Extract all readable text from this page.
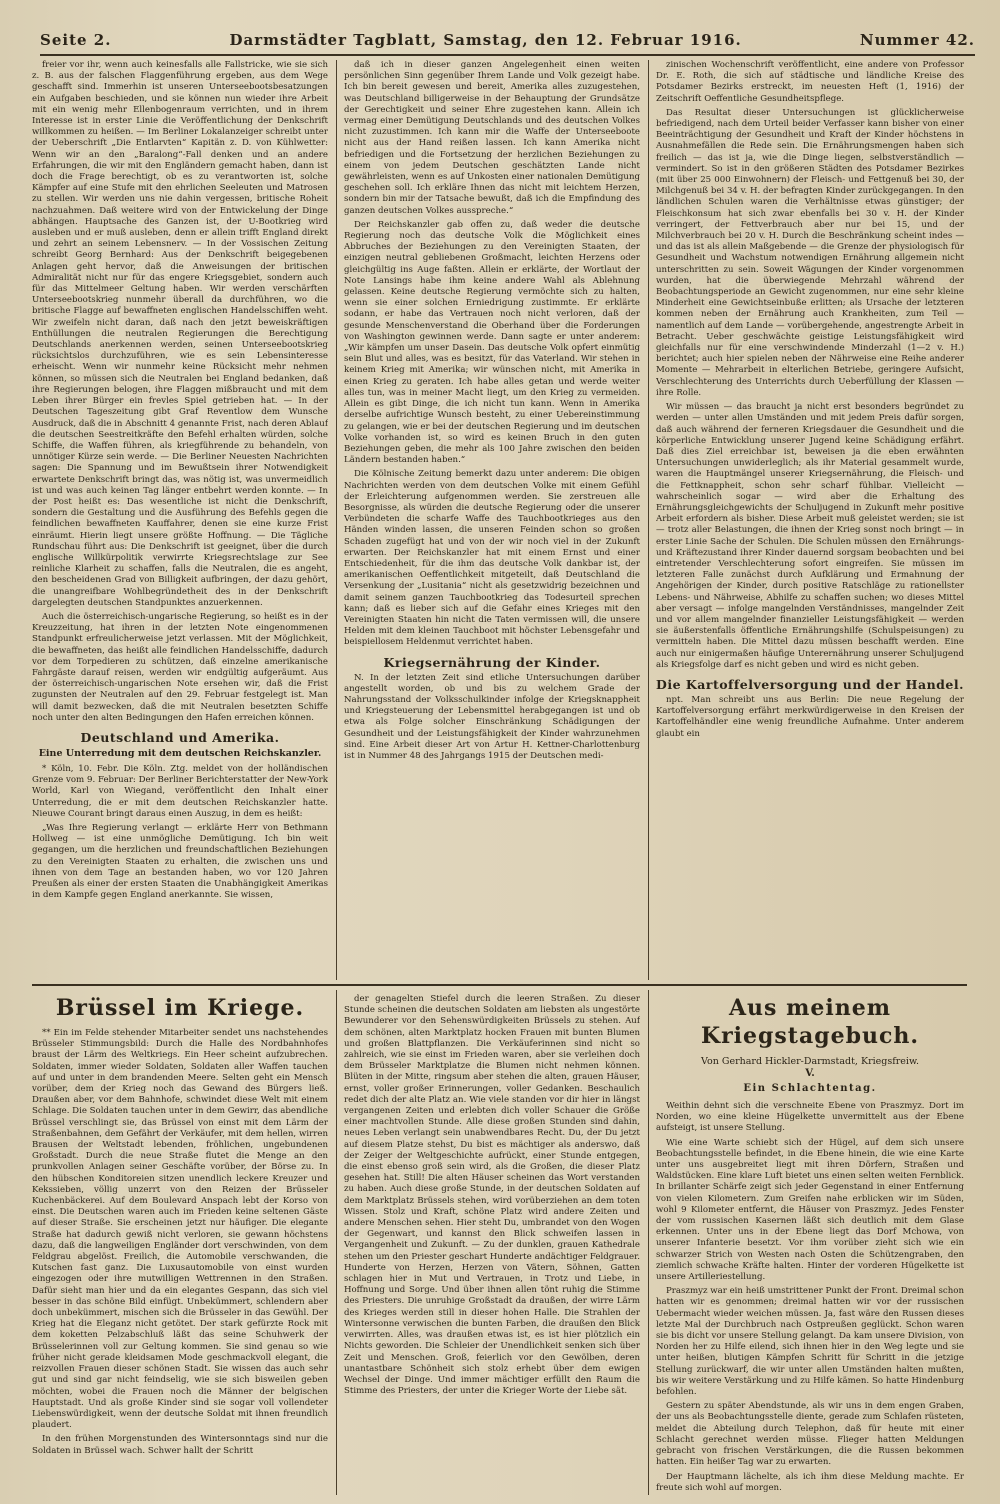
Seite 2.	Darmstädter Tagblatt, Samstag, den 12. Februar 1916.	Nummer 42.

freier vor ihr, wenn auch keinesfalls alle Fallstricke, wie sie sich z. B. aus der falschen Flaggenführung ergeben, aus dem Wege geschafft sind. Immerhin ist unseren Unterseebootsbesatzungen ein Aufgaben beschieden, und sie können nun wieder ihre Arbeit mit ein wenig mehr Ellenbogenraum verrichten, und in ihrem Interesse ist in erster Linie die Veröffentlichung der Denkschrift willkommen zu heißen. — Im Berliner Lokalanzeiger schreibt unter der Ueberschrift „Die Entlarvten“ Kapitän z. D. von Kühlwetter: Wenn wir an den „Baralong“-Fall denken und an andere Erfahrungen, die wir mit den Engländern gemacht haben, dann ist doch die Frage berechtigt, ob es zu verantworten ist, solche Kämpfer auf eine Stufe mit den ehrlichen Seeleuten und Matrosen zu stellen. Wir werden uns nie dahin vergessen, britische Roheit nachzuahmen. Daß weitere wird von der Entwickelung der Dinge abhängen. Hauptsache des Ganzen ist, der U-Bootkrieg wird ausleben und er muß ausleben, denn er allein trifft England direkt und zehrt an seinem Lebensnerv. — In der Vossischen Zeitung schreibt Georg Bernhard: Aus der Denkschrift beigegebenen Anlagen geht hervor, daß die Anweisungen der britischen Admiralität nicht nur für das engere Kriegsgebiet, sondern auch für das Mittelmeer Geltung haben. Wir werden verschärften Unterseebootskrieg nunmehr überall da durchführen, wo die britische Flagge auf bewaffneten englischen Handelsschiffen weht. Wir zweifeln nicht daran, daß nach den jetzt beweiskräftigen Enthüllungen die neutralen Regierungen die Berechtigung Deutschlands anerkennen werden, seinen Unterseebootskrieg rücksichtslos durchzuführen, wie es sein Lebensinteresse erheischt. Wenn wir nunmehr keine Rücksicht mehr nehmen können, so müssen sich die Neutralen bei England bedanken, daß ihre Regierungen belogen, ihre Flaggen mißbraucht und mit dem Leben ihrer Bürger ein frevles Spiel getrieben hat. — In der Deutschen Tageszeitung gibt Graf Reventlow dem Wunsche Ausdruck, daß die in Abschnitt 4 genannte Frist, nach deren Ablauf die deutschen Seestreitkräfte den Befehl erhalten würden, solche Schiffe, die Waffen führen, als kriegführende zu behandeln, von unnötiger Kürze sein werde. — Die Berliner Neuesten Nachrichten sagen: Die Spannung und im Bewußtsein ihrer Notwendigkeit erwartete Denkschrift bringt das, was nötig ist, was unvermeidlich ist und was auch keinen Tag länger entbehrt werden konnte. — In der Post heißt es: Das wesentliche ist nicht die Denkschrift, sondern die Gestaltung und die Ausführung des Befehls gegen die feindlichen bewaffneten Kauffahrer, denen sie eine kurze Frist einräumt. Hierin liegt unsere größte Hoffnung. — Die Tägliche Rundschau führt aus: Die Denkschrift ist geeignet, über die durch englische Willkürpolitik verwirrte Kriegsrechtslage zur See reinliche Klarheit zu schaffen, falls die Neutralen, die es angeht, den bescheidenen Grad von Billigkeit aufbringen, der dazu gehört, die unangreifbare Wohlbegründetheit des in der Denkschrift dargelegten deutschen Standpunktes anzuerkennen.

Auch die österreichisch-ungarische Regierung, so heißt es in der Kreuzzeitung, hat ihren in der letzten Note eingenommenen Standpunkt erfreulicherweise jetzt verlassen. Mit der Möglichkeit, die bewaffneten, das heißt alle feindlichen Handelsschiffe, dadurch vor dem Torpedieren zu schützen, daß einzelne amerikanische Fahrgäste darauf reisen, werden wir endgültig aufgeräumt. Aus der österreichisch-ungarischen Note ersehen wir, daß die Frist zugunsten der Neutralen auf den 29. Februar festgelegt ist. Man will damit bezwecken, daß die mit Neutralen besetzten Schiffe noch unter den alten Bedingungen den Hafen erreichen können.

Deutschland und Amerika.
Eine Unterredung mit dem deutschen Reichskanzler.

* Köln, 10. Febr. Die Köln. Ztg. meldet von der holländischen Grenze vom 9. Februar: Der Berliner Berichterstatter der New-York World, Karl von Wiegand, veröffentlicht den Inhalt einer Unterredung, die er mit dem deutschen Reichskanzler hatte. Nieuwe Courant bringt daraus einen Auszug, in dem es heißt:

„Was Ihre Regierung verlangt — erklärte Herr von Bethmann Hollweg — ist eine unmögliche Demütigung. Ich bin weit gegangen, um die herzlichen und freundschaftlichen Beziehungen zu den Vereinigten Staaten zu erhalten, die zwischen uns und ihnen von dem Tage an bestanden haben, wo vor 120 Jahren Preußen als einer der ersten Staaten die Unabhängigkeit Amerikas in dem Kampfe gegen England anerkannte. Sie wissen,

daß ich in dieser ganzen Angelegenheit einen weiten persönlichen Sinn gegenüber Ihrem Lande und Volk gezeigt habe. Ich bin bereit gewesen und bereit, Amerika alles zuzugestehen, was Deutschland billigerweise in der Behauptung der Grundsätze der Gerechtigkeit und seiner Ehre zugestehen kann. Allein ich vermag einer Demütigung Deutschlands und des deutschen Volkes nicht zuzustimmen. Ich kann mir die Waffe der Unterseeboote nicht aus der Hand reißen lassen. Ich kann Amerika nicht befriedigen und die Fortsetzung der herzlichen Beziehungen zu einem von jedem Deutschen geschätzten Lande nicht gewährleisten, wenn es auf Unkosten einer nationalen Demütigung geschehen soll. Ich erkläre Ihnen das nicht mit leichtem Herzen, sondern bin mir der Tatsache bewußt, daß ich die Empfindung des ganzen deutschen Volkes ausspreche.“

Der Reichskanzler gab offen zu, daß weder die deutsche Regierung noch das deutsche Volk die Möglichkeit eines Abbruches der Beziehungen zu den Vereinigten Staaten, der einzigen neutral gebliebenen Großmacht, leichten Herzens oder gleichgültig ins Auge faßten. Allein er erklärte, der Wortlaut der Note Lansings habe ihm keine andere Wahl als Ablehnung gelassen. Keine deutsche Regierung vermöchte sich zu halten, wenn sie einer solchen Erniedrigung zustimmte. Er erklärte sodann, er habe das Vertrauen noch nicht verloren, daß der gesunde Menschenverstand die Oberhand über die Forderungen von Washington gewinnen werde. Dann sagte er unter anderem: „Wir kämpfen um unser Dasein. Das deutsche Volk opfert einmütig sein Blut und alles, was es besitzt, für das Vaterland. Wir stehen in keinem Krieg mit Amerika; wir wünschen nicht, mit Amerika in einen Krieg zu geraten. Ich habe alles getan und werde weiter alles tun, was in meiner Macht liegt, um den Krieg zu vermeiden. Allein es gibt Dinge, die ich nicht tun kann. Wenn in Amerika derselbe aufrichtige Wunsch besteht, zu einer Uebereinstimmung zu gelangen, wie er bei der deutschen Regierung und im deutschen Volke vorhanden ist, so wird es keinen Bruch in den guten Beziehungen geben, die mehr als 100 Jahre zwischen den beiden Ländern bestanden haben.“

Die Kölnische Zeitung bemerkt dazu unter anderem: Die obigen Nachrichten werden von dem deutschen Volke mit einem Gefühl der Erleichterung aufgenommen werden. Sie zerstreuen alle Besorgnisse, als würden die deutsche Regierung oder die unserer Verbündeten die scharfe Waffe des Tauchbootkrieges aus den Händen winden lassen, die unseren Feinden schon so großen Schaden zugefügt hat und von der wir noch viel in der Zukunft erwarten. Der Reichskanzler hat mit einem Ernst und einer Entschiedenheit, für die ihm das deutsche Volk dankbar ist, der amerikanischen Oeffentlichkeit mitgeteilt, daß Deutschland die Versenkung der „Lusitania“ nicht als gesetzwidrig bezeichnen und damit seinem ganzen Tauchbootkrieg das Todesurteil sprechen kann; daß es lieber sich auf die Gefahr eines Krieges mit den Vereinigten Staaten hin nicht die Taten vermissen will, die unsere Helden mit dem kleinen Tauchboot mit höchster Lebensgefahr und beispiellosem Heldenmut verrichtet haben.

Kriegsernährung der Kinder.

N. In der letzten Zeit sind etliche Untersuchungen darüber angestellt worden, ob und bis zu welchem Grade der Nahrungsstand der Volksschulkinder infolge der Kriegsknappheit und Kriegsteuerung der Lebensmittel herabgegangen ist und ob etwa als Folge solcher Einschränkung Schädigungen der Gesundheit und der Leistungsfähigkeit der Kinder wahrzunehmen sind. Eine Arbeit dieser Art von Artur H. Kettner-Charlottenburg ist in Nummer 48 des Jahrgangs 1915 der Deutschen medi-

zinischen Wochenschrift veröffentlicht, eine andere von Professor Dr. E. Roth, die sich auf städtische und ländliche Kreise des Potsdamer Bezirks erstreckt, im neuesten Heft (1, 1916) der Zeitschrift Oeffentliche Gesundheitspflege.

Das Resultat dieser Untersuchungen ist glücklicherweise befriedigend, nach dem Urteil beider Verfasser kann bisher von einer Beeinträchtigung der Gesundheit und Kraft der Kinder höchstens in Ausnahmefällen die Rede sein. Die Ernährungsmengen haben sich freilich — das ist ja, wie die Dinge liegen, selbstverständlich — vermindert. So ist in den größeren Städten des Potsdamer Bezirkes (mit über 25 000 Einwohnern) der Fleisch- und Fettgenuß bei 30, der Milchgenuß bei 34 v. H. der befragten Kinder zurückgegangen. In den ländlichen Schulen waren die Verhältnisse etwas günstiger; der Fleischkonsum hat sich zwar ebenfalls bei 30 v. H. der Kinder verringert, der Fettverbrauch aber nur bei 15, und der Milchverbrauch bei 20 v. H. Durch die Beschränkung scheint indes — und das ist als allein Maßgebende — die Grenze der physiologisch für Gesundheit und Wachstum notwendigen Ernährung allgemein nicht unterschritten zu sein. Soweit Wägungen der Kinder vorgenommen wurden, hat die überwiegende Mehrzahl während der Beobachtungsperiode an Gewicht zugenommen, nur eine sehr kleine Minderheit eine Gewichtseinbuße erlitten; als Ursache der letzteren kommen neben der Ernährung auch Krankheiten, zum Teil — namentlich auf dem Lande — vorübergehende, angestrengte Arbeit in Betracht. Ueber geschwächte geistige Leistungsfähigkeit wird gleichfalls nur für eine verschwindende Minderzahl (1—2 v. H.) berichtet; auch hier spielen neben der Nährweise eine Reihe anderer Momente — Mehrarbeit in elterlichen Betriebe, geringere Aufsicht, Verschlechterung des Unterrichts durch Ueberfüllung der Klassen — ihre Rolle.

Wir müssen — das braucht ja nicht erst besonders begründet zu werden — unter allen Umständen und mit jedem Preis dafür sorgen, daß auch während der ferneren Kriegsdauer die Gesundheit und die körperliche Entwicklung unserer Jugend keine Schädigung erfährt. Daß dies Ziel erreichbar ist, beweisen ja die eben erwähnten Untersuchungen unwiderleglich; als ihr Material gesammelt wurde, waren die Hauptmängel unserer Kriegsernährung, die Fleisch- und die Fettknappheit, schon sehr scharf fühlbar. Vielleicht — wahrscheinlich sogar — wird aber die Erhaltung des Ernährungsgleichgewichts der Schuljugend in Zukunft mehr positive Arbeit erfordern als bisher. Diese Arbeit muß geleistet werden; sie ist — trotz aller Belastungen, die ihnen der Krieg sonst noch bringt — in erster Linie Sache der Schulen. Die Schulen müssen den Ernährungs- und Kräftezustand ihrer Kinder dauernd sorgsam beobachten und bei eintretender Verschlechterung sofort eingreifen. Sie müssen im letzteren Falle zunächst durch Aufklärung und Ermahnung der Angehörigen der Kinder, durch positive Ratschläge zu rationellster Lebens- und Nährweise, Abhilfe zu schaffen suchen; wo dieses Mittel aber versagt — infolge mangelnden Verständnisses, mangelnder Zeit und vor allem mangelnder finanzieller Leistungsfähigkeit — werden sie äußerstenfalls öffentliche Ernährungshilfe (Schulspeisungen) zu vermitteln haben. Die Mittel dazu müssen beschafft werden. Eine auch nur einigermaßen häufige Unterernährung unserer Schuljugend als Kriegsfolge darf es nicht geben und wird es nicht geben.

Die Kartoffelversorgung und der Handel.

npt. Man schreibt uns aus Berlin: Die neue Regelung der Kartoffelversorgung erfährt merkwürdigerweise in den Kreisen der Kartoffelhändler eine wenig freundliche Aufnahme. Unter anderem glaubt ein

Brüssel im Kriege.

** Ein im Felde stehender Mitarbeiter sendet uns nachstehendes Brüsseler Stimmungsbild: Durch die Halle des Nordbahnhofes braust der Lärm des Weltkriegs. Ein Heer scheint aufzubrechen. Soldaten, immer wieder Soldaten, Soldaten aller Waffen tauchen auf und unter in dem brandenden Meere. Selten geht ein Mensch vorüber, dem der Krieg noch das Gewand des Bürgers ließ. Draußen aber, vor dem Bahnhofe, schwindet diese Welt mit einem Schlage. Die Soldaten tauchen unter in dem Gewirr, das abendliche Brüssel verschlingt sie, das Brüssel von einst mit dem Lärm der Straßenbahnen, dem Gefährt der Verkäufer, mit dem hellen, wirren Brausen der Weltstadt lebenden, fröhlichen, ungebundenen Großstadt. Durch die neue Straße flutet die Menge an den prunkvollen Anlagen seiner Geschäfte vorüber, der Börse zu. In den hübschen Konditoreien sitzen unendlich leckere Kreuzer und Kekssieben, völlig unzerrt von den Reizen der Brüsseler Kuchenbäckerei. Auf dem Boulevard Anspach lebt der Korso von einst. Die Deutschen waren auch im Frieden keine seltenen Gäste auf dieser Straße. Sie erscheinen jetzt nur häufiger. Die elegante Straße hat dadurch gewiß nicht verloren, sie gewann höchstens dazu, daß die langweiligen Engländer dort verschwinden, von dem Feldgrau abgelöst. Freilich, die Automobile verschwanden, die Kutschen fast ganz. Die Luxusautomobile von einst wurden eingezogen oder ihre mutwilligen Wettrennen in den Straßen. Dafür sieht man hier und da ein elegantes Gespann, das sich viel besser in das schöne Bild einfügt. Unbekümmert, schlendern aber doch unbekümmert, mischen sich die Brüsseler in das Gewühl. Der Krieg hat die Eleganz nicht getötet. Der stark gefürzte Rock mit dem koketten Pelzabschluß läßt das seine Schuhwerk der Brüsselerinnen voll zur Geltung kommen. Sie sind genau so wie früher nicht gerade kleidsamen Mode geschmackvoll elegant, die reizvollen Frauen dieser schönen Stadt. Sie wissen das auch sehr gut und sind gar nicht feindselig, wie sie sich bisweilen geben möchten, wobei die Frauen noch die Männer der belgischen Hauptstadt. Und als große Kinder sind sie sogar voll vollendeter Liebenswürdigkeit, wenn der deutsche Soldat mit ihnen freundlich plaudert.

In den frühen Morgenstunden des Wintersonntags sind nur die Soldaten in Brüssel wach. Schwer hallt der Schritt

der genagelten Stiefel durch die leeren Straßen. Zu dieser Stunde scheinen die deutschen Soldaten am liebsten als ungestörte Bewunderer vor den Sehenswürdigkeiten Brüssels zu stehen. Auf dem schönen, alten Marktplatz hocken Frauen mit bunten Blumen und großen Blattpflanzen. Die Verkäuferinnen sind nicht so zahlreich, wie sie einst im Frieden waren, aber sie verleihen doch dem Brüsseler Marktplatze die Blumen nicht nehmen können. Blüten in der Mitte, ringsum aber stehen die alten, grauen Häuser, ernst, voller großer Erinnerungen, voller Gedanken. Beschaulich redet dich der alte Platz an. Wie viele standen vor dir hier in längst vergangenen Zeiten und erlebten dich voller Schauer die Größe einer machtvollen Stunde. Alle diese großen Stunden sind dahin, neues Leben verlangt sein unabwendbares Recht. Du, der Du jetzt auf diesem Platze stehst, Du bist es mächtiger als anderswo, daß der Zeiger der Weltgeschichte aufrückt, einer Stunde entgegen, die einst ebenso groß sein wird, als die Großen, die dieser Platz gesehen hat. Still! Die alten Häuser scheinen das Wort verstanden zu haben. Auch diese große Stunde, in der deutschen Soldaten auf dem Marktplatz Brüssels stehen, wird vorüberziehen an dem toten Wissen. Stolz und Kraft, schöne Platz wird andere Zeiten und andere Menschen sehen. Hier steht Du, umbrandet von den Wogen der Gegenwart, und kannst den Blick schweifen lassen in Vergangenheit und Zukunft. — Zu der dunklen, grauen Kathedrale stehen um den Priester geschart Hunderte andächtiger Feldgrauer. Hunderte von Herzen, Herzen von Vätern, Söhnen, Gatten schlagen hier in Mut und Vertrauen, in Trotz und Liebe, in Hoffnung und Sorge. Und über ihnen allen tönt ruhig die Stimme des Priesters. Die unruhige Großstadt da draußen, der wirre Lärm des Krieges werden still in dieser hohen Halle. Die Strahlen der Wintersonne verwischen die bunten Farben, die draußen den Blick verwirrten. Alles, was draußen etwas ist, es ist hier plötzlich ein Nichts geworden. Die Schleier der Unendlichkeit senken sich über Zeit und Menschen. Groß, feierlich vor den Gewölben, deren unantastbare Schönheit sich stolz erhebt über dem ewigen Wechsel der Dinge. Und immer mächtiger erfüllt den Raum die Stimme des Priesters, der unter die Krieger Worte der Liebe sät.

Aus meinem Kriegstagebuch.
Von Gerhard Hickler-Darmstadt, Kriegsfreiw.
V.
Ein Schlachtentag.

Weithin dehnt sich die verschneite Ebene von Praszmyz. Dort im Norden, wo eine kleine Hügelkette unvermittelt aus der Ebene aufsteigt, ist unsere Stellung.

Wie eine Warte schiebt sich der Hügel, auf dem sich unsere Beobachtungsstelle befindet, in die Ebene hinein, die wie eine Karte unter uns ausgebreitet liegt mit ihren Dörfern, Straßen und Waldstücken. Eine klare Luft bietet uns einen selten weiten Fernblick. In brillanter Schärfe zeigt sich jeder Gegenstand in einer Entfernung von vielen Kilometern. Zum Greifen nahe erblicken wir im Süden, wohl 9 Kilometer entfernt, die Häuser von Praszmyz. Jedes Fenster der vom russischen Kasernen läßt sich deutlich mit dem Glase erkennen. Unter uns in der Ebene liegt das Dorf Mchowa, von unserer Infanterie besetzt. Vor ihm vorüber zieht sich wie ein schwarzer Strich von Westen nach Osten die Schützengraben, den ziemlich schwache Kräfte halten. Hinter der vorderen Hügelkette ist unsere Artilleriestellung.

Praszmyz war ein heiß umstrittener Punkt der Front. Dreimal schon hatten wir es genommen; dreimal hatten wir vor der russischen Uebermacht wieder weichen müssen. Ja, fast wäre den Russen dieses letzte Mal der Durchbruch nach Ostpreußen geglückt. Schon waren sie bis dicht vor unsere Stellung gelangt. Da kam unsere Division, von Norden her zu Hilfe eilend, sich ihnen hier in den Weg legte und sie unter heißen, blutigen Kämpfen Schritt für Schritt in die jetzige Stellung zurückwarf, die wir unter allen Umständen halten mußten, bis wir weitere Verstärkung und zu Hilfe kämen. So hatte Hindenburg befohlen.

Gestern zu später Abendstunde, als wir uns in dem engen Graben, der uns als Beobachtungsstelle diente, gerade zum Schlafen rüsteten, meldet die Abteilung durch Telephon, daß für heute mit einer Schlacht gerechnet werden müsse. Flieger hatten Meldungen gebracht von frischen Verstärkungen, die die Russen bekommen hatten. Ein heißer Tag war zu erwarten.

Der Hauptmann lächelte, als ich ihm diese Meldung machte. Er freute sich wohl auf morgen.
